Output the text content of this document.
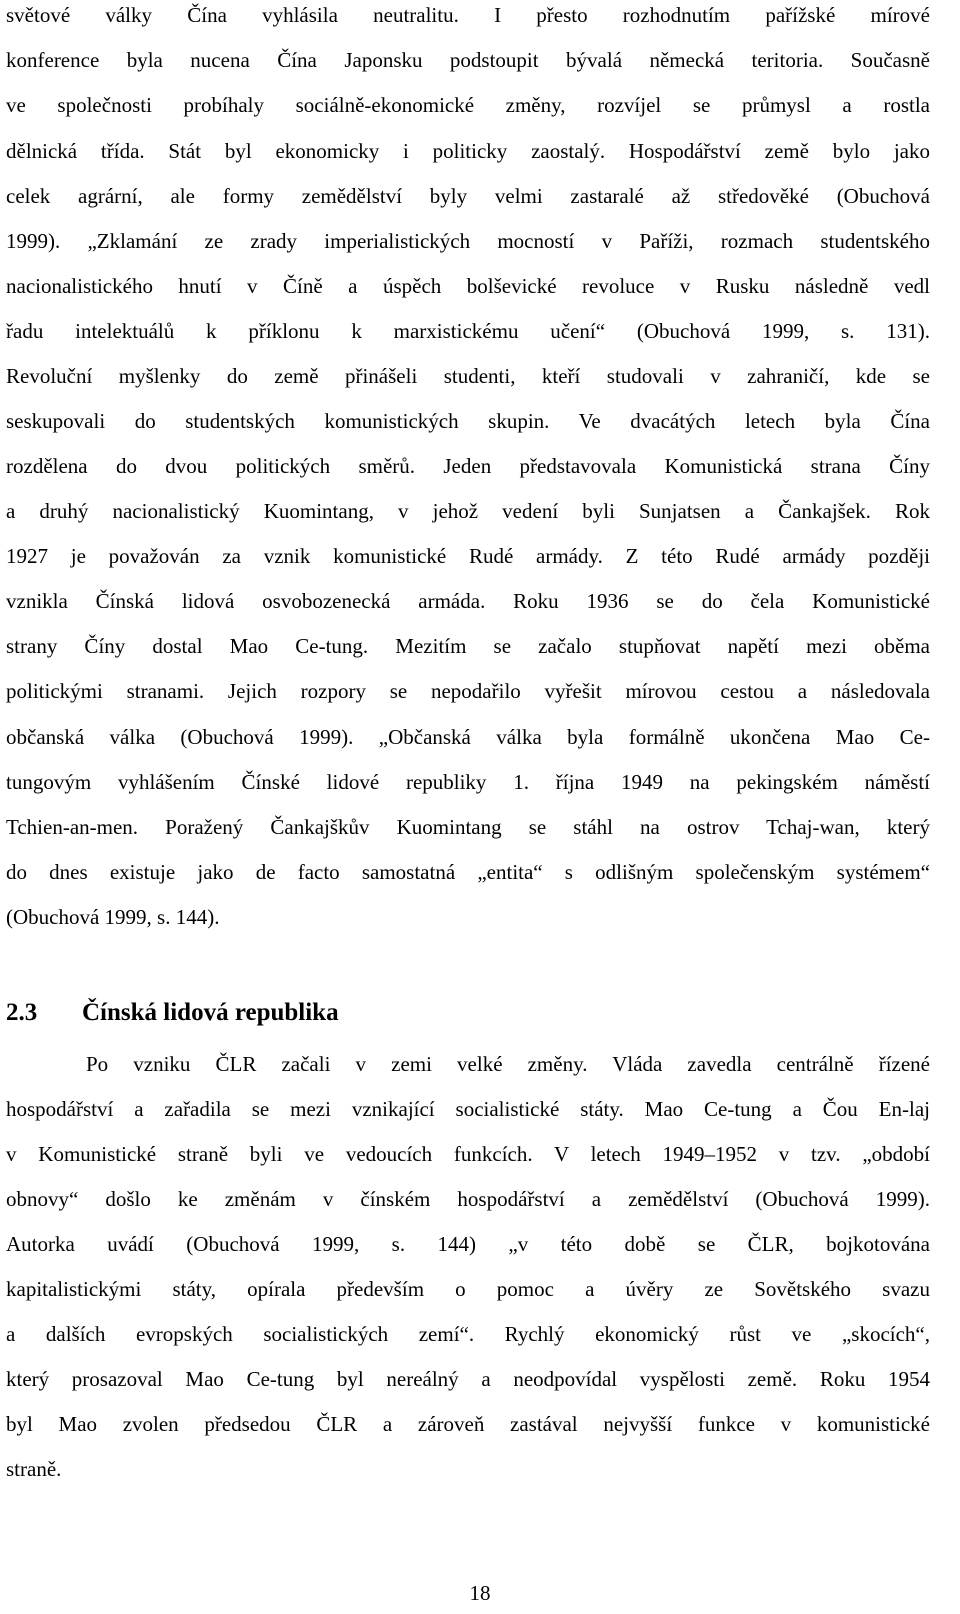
světové války Čína vyhlásila neutralitu. I přesto rozhodnutím pařížské mírové
konference byla nucena Čína Japonsku podstoupit bývalá německá teritoria. Současně
ve společnosti probíhaly sociálně-ekonomické změny, rozvíjel se průmysl a rostla
dělnická třída. Stát byl ekonomicky i politicky zaostalý. Hospodářství země bylo jako
celek agrární, ale formy zemědělství byly velmi zastaralé až středověké (Obuchová
1999). „Zklamání ze zrady imperialistických mocností v Paříži, rozmach studentského
nacionalistického hnutí v Číně a úspěch bolševické revoluce v Rusku následně vedl
řadu intelektuálů k příklonu k marxistickému učení“ (Obuchová 1999, s. 131).
Revoluční myšlenky do země přinášeli studenti, kteří studovali v zahraničí, kde se
seskupovali do studentských komunistických skupin. Ve dvacátých letech byla Čína
rozdělena do dvou politických směrů. Jeden představovala Komunistická strana Číny
a druhý nacionalistický Kuomintang, v jehož vedení byli Sunjatsen a Čankajšek. Rok
1927 je považován za vznik komunistické Rudé armády. Z této Rudé armády později
vznikla Čínská lidová osvobozenecká armáda. Roku 1936 se do čela Komunistické
strany Číny dostal Mao Ce-tung. Mezitím se začalo stupňovat napětí mezi oběma
politickými stranami. Jejich rozpory se nepodařilo vyřešit mírovou cestou a následovala
občanská válka (Obuchová 1999). „Občanská válka byla formálně ukončena Mao Ce-
tungovým vyhlášením Čínské lidové republiky 1. října 1949 na pekingském náměstí
Tchien-an-men. Poražený Čankajškův Kuomintang se stáhl na ostrov Tchaj-wan, který
do dnes existuje jako de facto samostatná „entita“ s odlišným společenským systémem“
(Obuchová 1999, s. 144).
2.3 Čínská lidová republika
Po vzniku ČLR začali v zemi velké změny. Vláda zavedla centrálně řízené
hospodářství a zařadila se mezi vznikající socialistické státy. Mao Ce-tung a Čou En-laj
v Komunistické straně byli ve vedoucích funkcích. V letech 1949–1952 v tzv. „období
obnovy“ došlo ke změnám v čínském hospodářství a zemědělství (Obuchová 1999).
Autorka uvádí (Obuchová 1999, s. 144) „v této době se ČLR, bojkotována
kapitalistickými státy, opírala především o pomoc a úvěry ze Sovětského svazu
a dalších evropských socialistických zemí“. Rychlý ekonomický růst ve „skocích“,
který prosazoval Mao Ce-tung byl nereálný a neodpovídal vyspělosti země. Roku 1954
byl Mao zvolen předsedou ČLR a zároveň zastával nejvyšší funkce v komunistické
straně.
18
